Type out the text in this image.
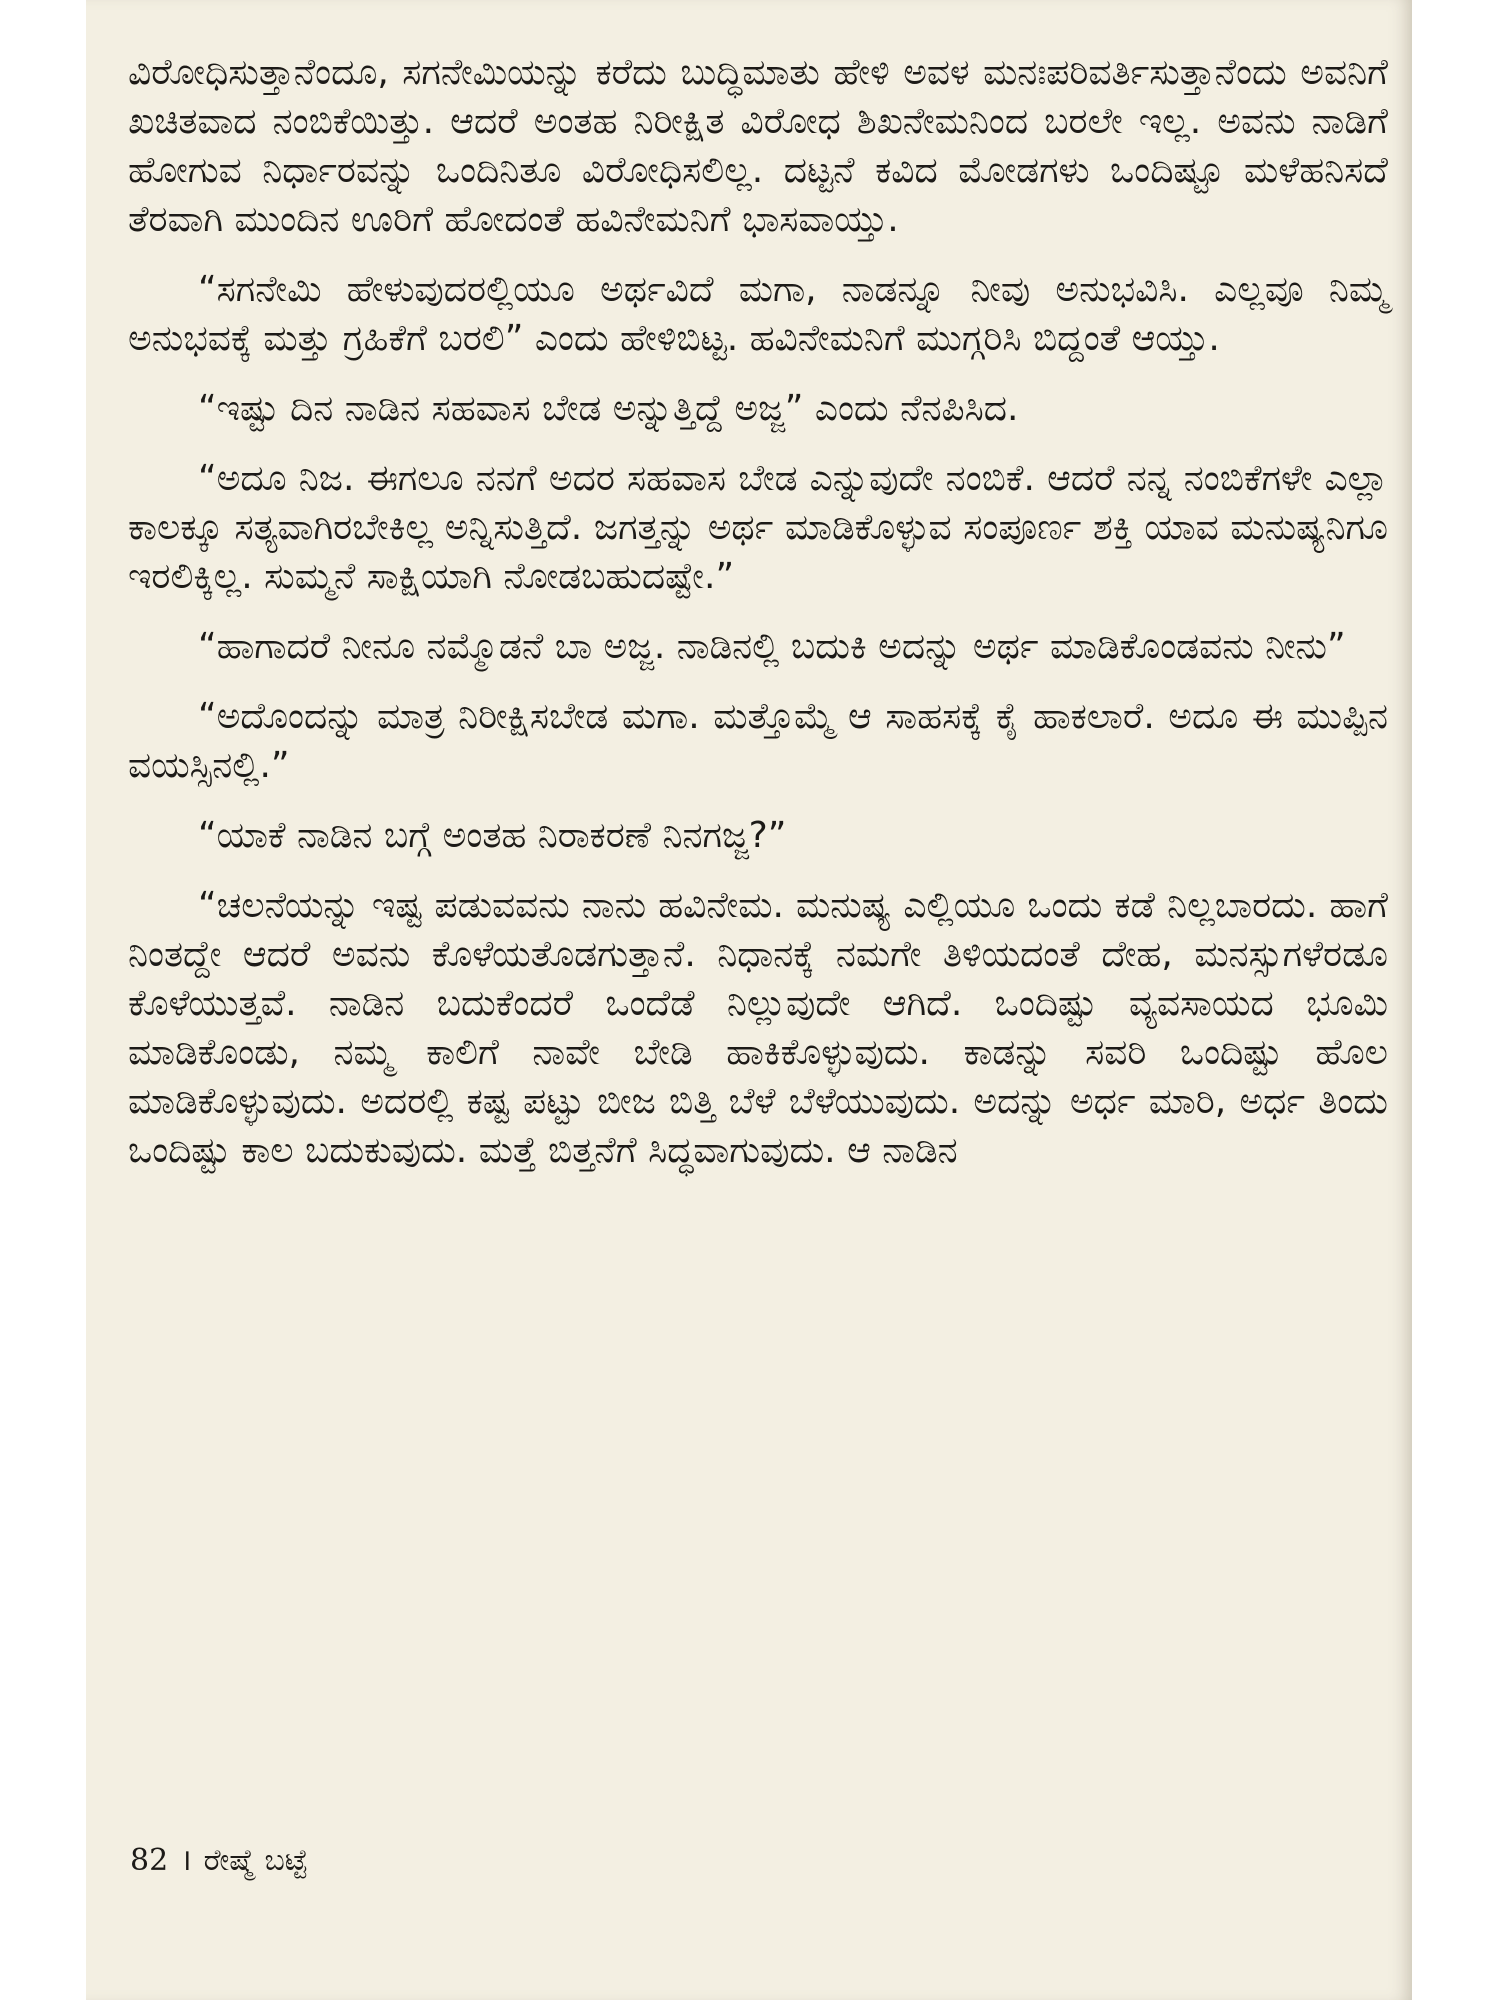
ವಿರೋಧಿಸುತ್ತಾನೆಂದೂ, ಸಗನೇಮಿಯನ್ನು ಕರೆದು ಬುದ್ಧಿಮಾತು ಹೇಳಿ ಅವಳ ಮನಃಪರಿವರ್ತಿಸುತ್ತಾನೆಂದು ಅವನಿಗೆ ಖಚಿತವಾದ ನಂಬಿಕೆಯಿತ್ತು. ಆದರೆ ಅಂತಹ ನಿರೀಕ್ಷಿತ ವಿರೋಧ ಶಿಖನೇಮನಿಂದ ಬರಲೇ ಇಲ್ಲ. ಅವನು ನಾಡಿಗೆ ಹೋಗುವ ನಿರ್ಧಾರವನ್ನು ಒಂದಿನಿತೂ ವಿರೋಧಿಸಲಿಲ್ಲ. ದಟ್ಟನೆ ಕವಿದ ಮೋಡಗಳು ಒಂದಿಷ್ಟೂ ಮಳೆಹನಿಸದೆ ತೆರವಾಗಿ ಮುಂದಿನ ಊರಿಗೆ ಹೋದಂತೆ ಹವಿನೇಮನಿಗೆ ಭಾಸವಾಯ್ತು.

“ಸಗನೇಮಿ ಹೇಳುವುದರಲ್ಲಿಯೂ ಅರ್ಥವಿದೆ ಮಗಾ, ನಾಡನ್ನೂ ನೀವು ಅನುಭವಿಸಿ. ಎಲ್ಲವೂ ನಿಮ್ಮ ಅನುಭವಕ್ಕೆ ಮತ್ತು ಗ್ರಹಿಕೆಗೆ ಬರಲಿ” ಎಂದು ಹೇಳಿಬಿಟ್ಟ. ಹವಿನೇಮನಿಗೆ ಮುಗ್ಗರಿಸಿ ಬಿದ್ದಂತೆ ಆಯ್ತು.

“ಇಷ್ಟು ದಿನ ನಾಡಿನ ಸಹವಾಸ ಬೇಡ ಅನ್ನುತ್ತಿದ್ದೆ ಅಜ್ಜ” ಎಂದು ನೆನಪಿಸಿದ.

“ಅದೂ ನಿಜ. ಈಗಲೂ ನನಗೆ ಅದರ ಸಹವಾಸ ಬೇಡ ಎನ್ನುವುದೇ ನಂಬಿಕೆ. ಆದರೆ ನನ್ನ ನಂಬಿಕೆಗಳೇ ಎಲ್ಲಾ ಕಾಲಕ್ಕೂ ಸತ್ಯವಾಗಿರಬೇಕಿಲ್ಲ ಅನ್ನಿಸುತ್ತಿದೆ. ಜಗತ್ತನ್ನು ಅರ್ಥ ಮಾಡಿಕೊಳ್ಳುವ ಸಂಪೂರ್ಣ ಶಕ್ತಿ ಯಾವ ಮನುಷ್ಯನಿಗೂ ಇರಲಿಕ್ಕಿಲ್ಲ. ಸುಮ್ಮನೆ ಸಾಕ್ಷಿಯಾಗಿ ನೋಡಬಹುದಷ್ಟೇ.”

“ಹಾಗಾದರೆ ನೀನೂ ನಮ್ಮೊಡನೆ ಬಾ ಅಜ್ಜ. ನಾಡಿನಲ್ಲಿ ಬದುಕಿ ಅದನ್ನು ಅರ್ಥ ಮಾಡಿಕೊಂಡವನು ನೀನು”

“ಅದೊಂದನ್ನು ಮಾತ್ರ ನಿರೀಕ್ಷಿಸಬೇಡ ಮಗಾ. ಮತ್ತೊಮ್ಮೆ ಆ ಸಾಹಸಕ್ಕೆ ಕೈ ಹಾಕಲಾರೆ. ಅದೂ ಈ ಮುಪ್ಪಿನ ವಯಸ್ಸಿನಲ್ಲಿ.”

“ಯಾಕೆ ನಾಡಿನ ಬಗ್ಗೆ ಅಂತಹ ನಿರಾಕರಣೆ ನಿನಗಜ್ಜ?”

“ಚಲನೆಯನ್ನು ಇಷ್ಟ ಪಡುವವನು ನಾನು ಹವಿನೇಮ. ಮನುಷ್ಯ ಎಲ್ಲಿಯೂ ಒಂದು ಕಡೆ ನಿಲ್ಲಬಾರದು. ಹಾಗೆ ನಿಂತದ್ದೇ ಆದರೆ ಅವನು ಕೊಳೆಯತೊಡಗುತ್ತಾನೆ. ನಿಧಾನಕ್ಕೆ ನಮಗೇ ತಿಳಿಯದಂತೆ ದೇಹ, ಮನಸ್ಸುಗಳೆರಡೂ ಕೊಳೆಯುತ್ತವೆ. ನಾಡಿನ ಬದುಕೆಂದರೆ ಒಂದೆಡೆ ನಿಲ್ಲುವುದೇ ಆಗಿದೆ. ಒಂದಿಷ್ಟು ವ್ಯವಸಾಯದ ಭೂಮಿ ಮಾಡಿಕೊಂಡು, ನಮ್ಮ ಕಾಲಿಗೆ ನಾವೇ ಬೇಡಿ ಹಾಕಿಕೊಳ್ಳುವುದು. ಕಾಡನ್ನು ಸವರಿ ಒಂದಿಷ್ಟು ಹೊಲ ಮಾಡಿಕೊಳ್ಳುವುದು. ಅದರಲ್ಲಿ ಕಷ್ಟ ಪಟ್ಟು ಬೀಜ ಬಿತ್ತಿ ಬೆಳೆ ಬೆಳೆಯುವುದು. ಅದನ್ನು ಅರ್ಧ ಮಾರಿ, ಅರ್ಧ ತಿಂದು ಒಂದಿಷ್ಟು ಕಾಲ ಬದುಕುವುದು. ಮತ್ತೆ ಬಿತ್ತನೆಗೆ ಸಿದ್ಧವಾಗುವುದು. ಆ ನಾಡಿನ

82 । ರೇಷ್ಮೆ ಬಟ್ಟೆ
